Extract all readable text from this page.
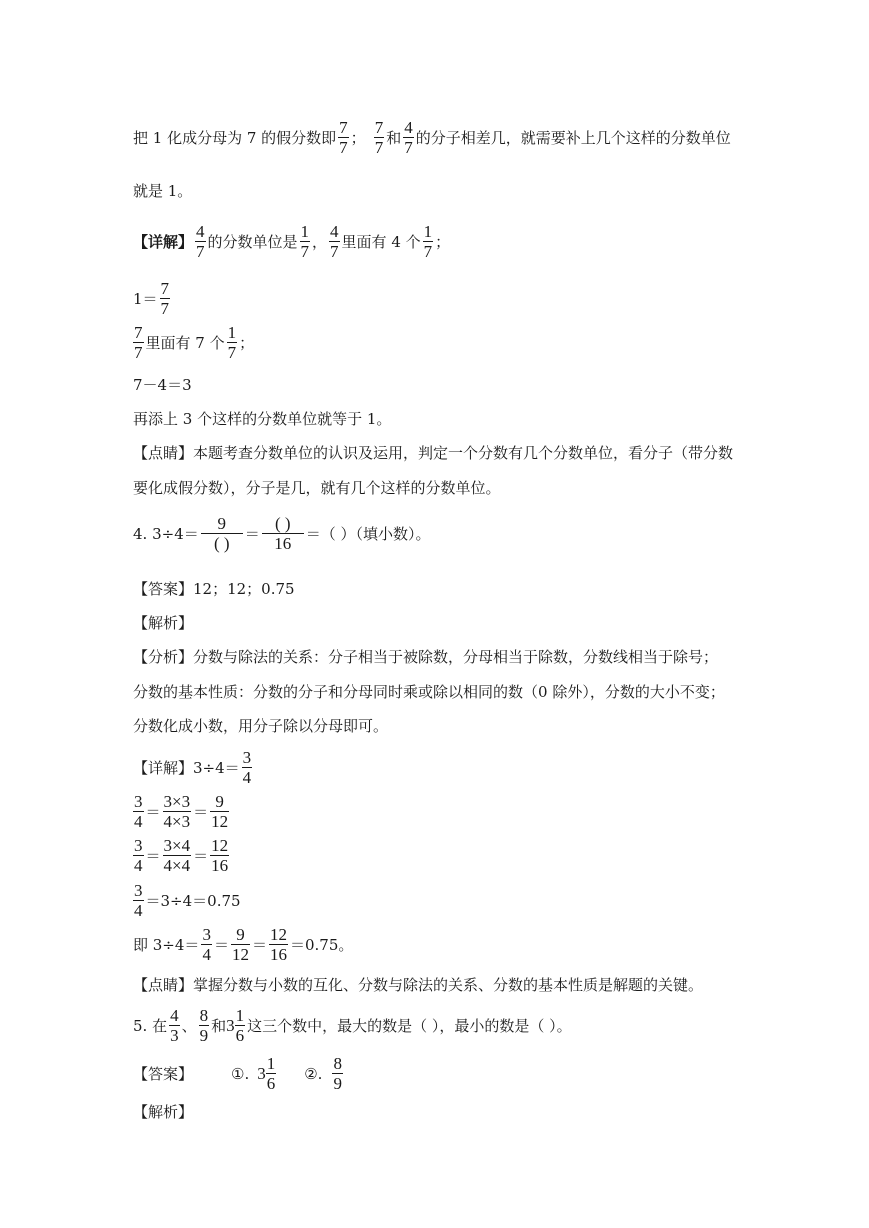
把 1 化成分母为 7 的假分数即 $\frac{7}{7}$ ； $\frac{7}{7}$ 和 $\frac{4}{7}$ 的分子相差几，就需要补上几个这样的分数单位
就是 1。
【详解】 $\frac{4}{7}$ 的分数单位是 $\frac{1}{7}$ ， $\frac{4}{7}$ 里面有 4 个 $\frac{1}{7}$ ；
$1= \frac{7}{7}$
$\frac{7}{7}$ 里面有 7 个 $\frac{1}{7}$ ；
7－4＝3
再添上 3 个这样的分数单位就等于 1。
【点睛】本题考查分数单位的认识及运用，判定一个分数有几个分数单位，看分子（带分数
要化成假分数），分子是几，就有几个这样的分数单位。
4. $3\div 4= \frac{9}{( )} = \frac{( )}{16}$ ＝（ ）（填小数）。
【答案】12；12；0.75
【解析】
【分析】分数与除法的关系：分子相当于被除数，分母相当于除数，分数线相当于除号；
分数的基本性质：分数的分子和分母同时乘或除以相同的数（0 除外），分数的大小不变；
分数化成小数，用分子除以分母即可。
【详解】$3\div 4= \frac{3}{4}$
$\frac{3}{4} = \frac{3\times 3}{4\times 3} = \frac{9}{12}$
$\frac{3}{4} = \frac{3\times 4}{4\times 4} = \frac{12}{16}$
$\frac{3}{4} =3\div 4=0.75$
即 $3\div 4= \frac{3}{4} = \frac{9}{12} = \frac{12}{16} =0.75$。
【点睛】掌握分数与小数的互化、分数与除法的关系、分数的基本性质是解题的关键。
5. 在 $\frac{4}{3}$ 、 $\frac{8}{9}$ 和 $3 \frac{1}{6}$ 这三个数中，最大的数是（ ），最小的数是（ ）。
【答案】	①. $3 \frac{1}{6}$ ②. $\frac{8}{9}$
【解析】
